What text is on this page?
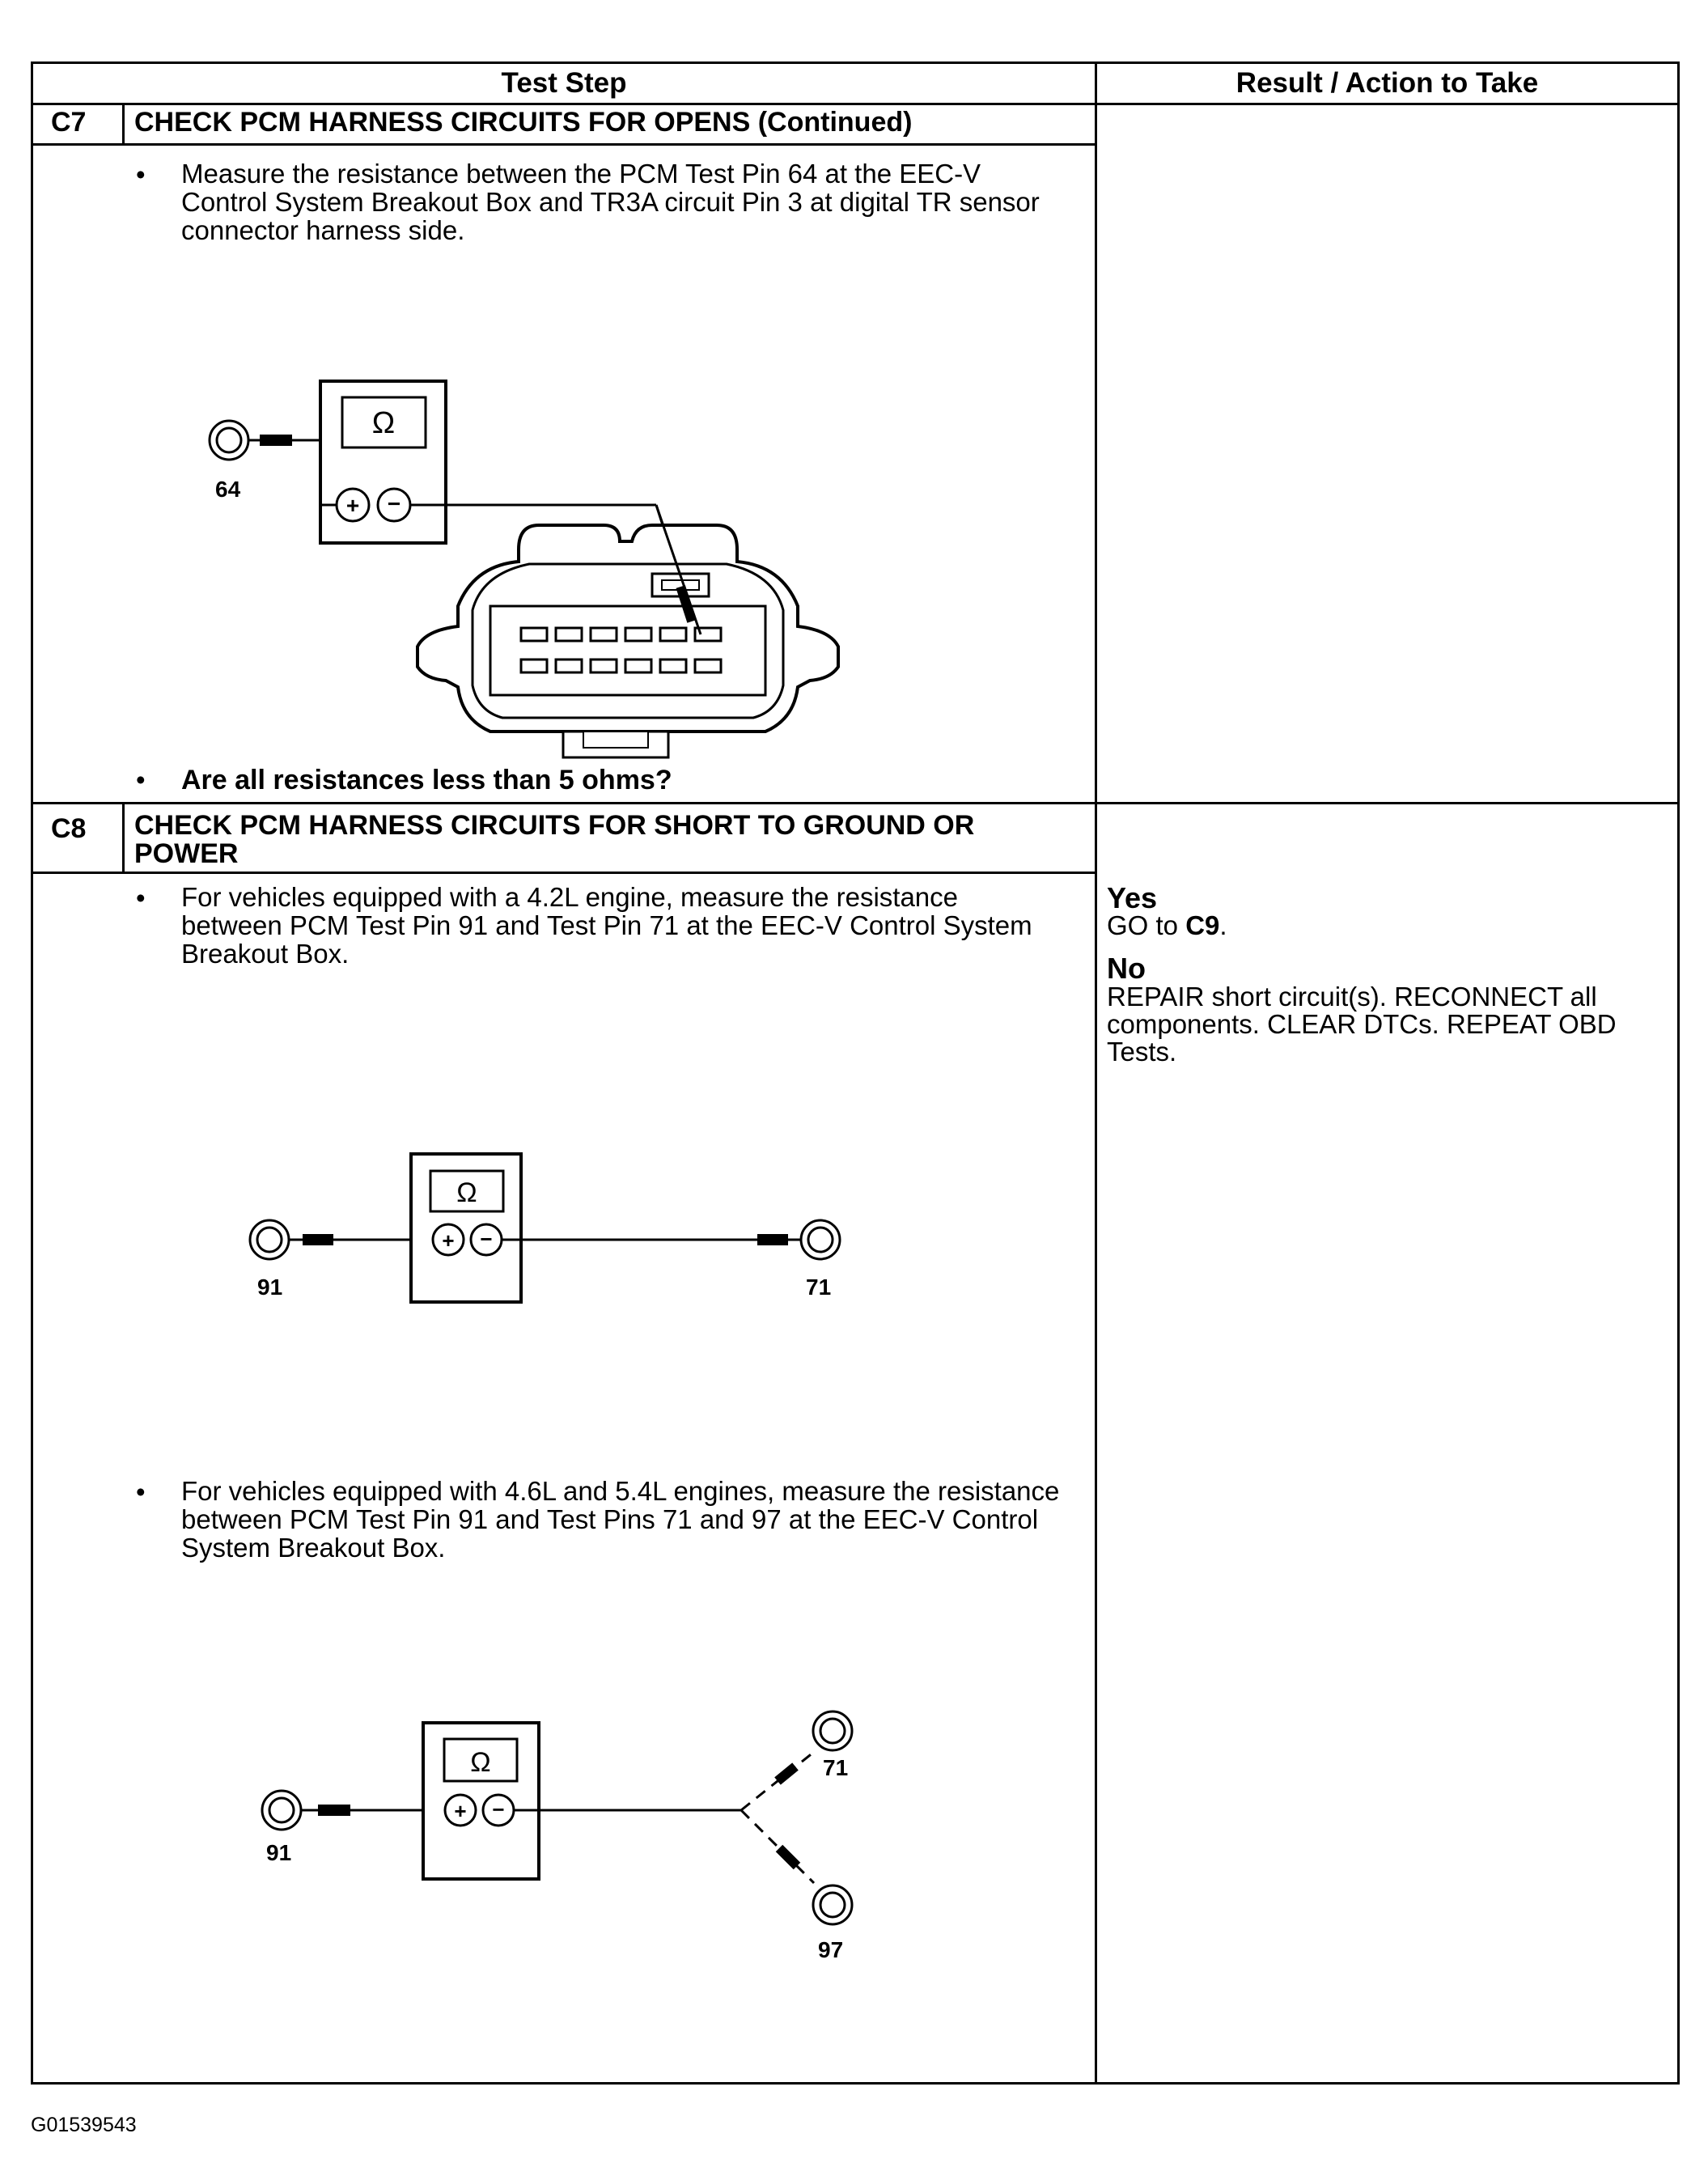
Test Step	Result / Action to Take
C7 CHECK PCM HARNESS CIRCUITS FOR OPENS (Continued)
• Measure the resistance between the PCM Test Pin 64 at the EEC-V Control System Breakout Box and TR3A circuit Pin 3 at digital TR sensor connector harness side.
64
Ω
+ −
• Are all resistances less than 5 ohms?
C8 CHECK PCM HARNESS CIRCUITS FOR SHORT TO GROUND OR POWER
• For vehicles equipped with a 4.2L engine, measure the resistance between PCM Test Pin 91 and Test Pin 71 at the EEC-V Control System Breakout Box.
91
Ω
+ −
71
• For vehicles equipped with 4.6L and 5.4L engines, measure the resistance between PCM Test Pin 91 and Test Pins 71 and 97 at the EEC-V Control System Breakout Box.
91
Ω
+ −
71
97
Yes
GO to C9.
No
REPAIR short circuit(s). RECONNECT all components. CLEAR DTCs. REPEAT OBD Tests.
G01539543
